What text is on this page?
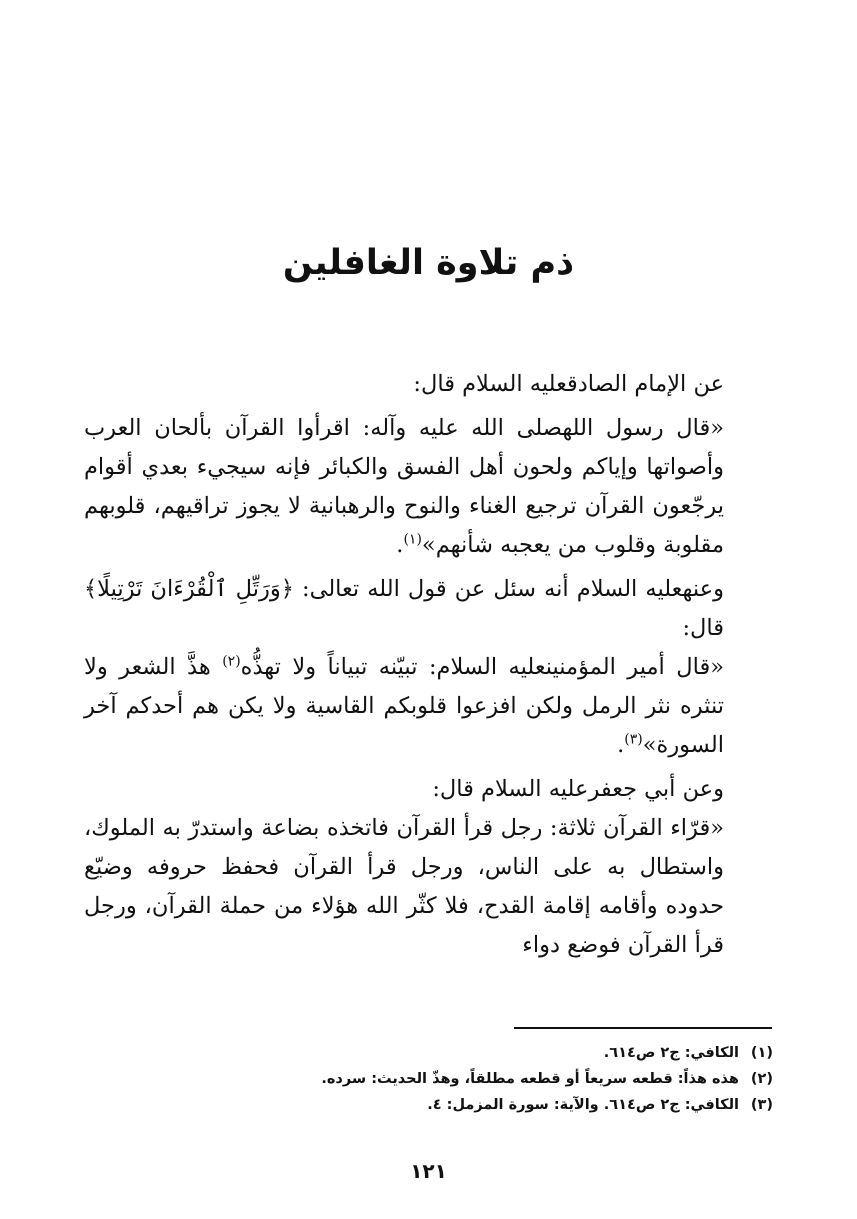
ذم تلاوة الغافلين

عن الإمام الصادقعليه السلام قال:

«قال رسول اللهصلى الله عليه وآله: اقرأوا القرآن بألحان العرب وأصواتها وإياكم ولحون أهل الفسق والكبائر فإنه سيجيء بعدي أقوام يرجّعون القرآن ترجيع الغناء والنوح والرهبانية لا يجوز تراقيهم، قلوبهم مقلوبة وقلوب من يعجبه شأنهم»$^{(١)}$.

وعنهعليه السلام أنه سئل عن قول الله تعالى: ﴿وَرَتِّلِ ٱلْقُرْءَانَ تَرْتِيلًا﴾ قال:

«قال أمير المؤمنينعليه السلام: تبيّنه تبياناً ولا تهذُّه$^{(٢)}$ هذَّ الشعر ولا تنثره نثر الرمل ولكن افزعوا قلوبكم القاسية ولا يكن هم أحدكم آخر السورة»$^{(٣)}$.

وعن أبي جعفرعليه السلام قال:

«قرّاء القرآن ثلاثة: رجل قرأ القرآن فاتخذه بضاعة واستدرّ به الملوك، واستطال به على الناس، ورجل قرأ القرآن فحفظ حروفه وضيّع حدوده وأقامه إقامة القدح، فلا كثّر الله هؤلاء من حملة القرآن، ورجل قرأ القرآن فوضع دواء

(١)الكافي: ج٢ ص٦١٤.

(٢)هذه هذاً: قطعه سريعاً أو قطعه مطلقاً، وهذّ الحديث: سرده.

(٣)الكافي: ج٢ ص٦١٤. والآية: سورة المزمل: ٤.

١٢١
